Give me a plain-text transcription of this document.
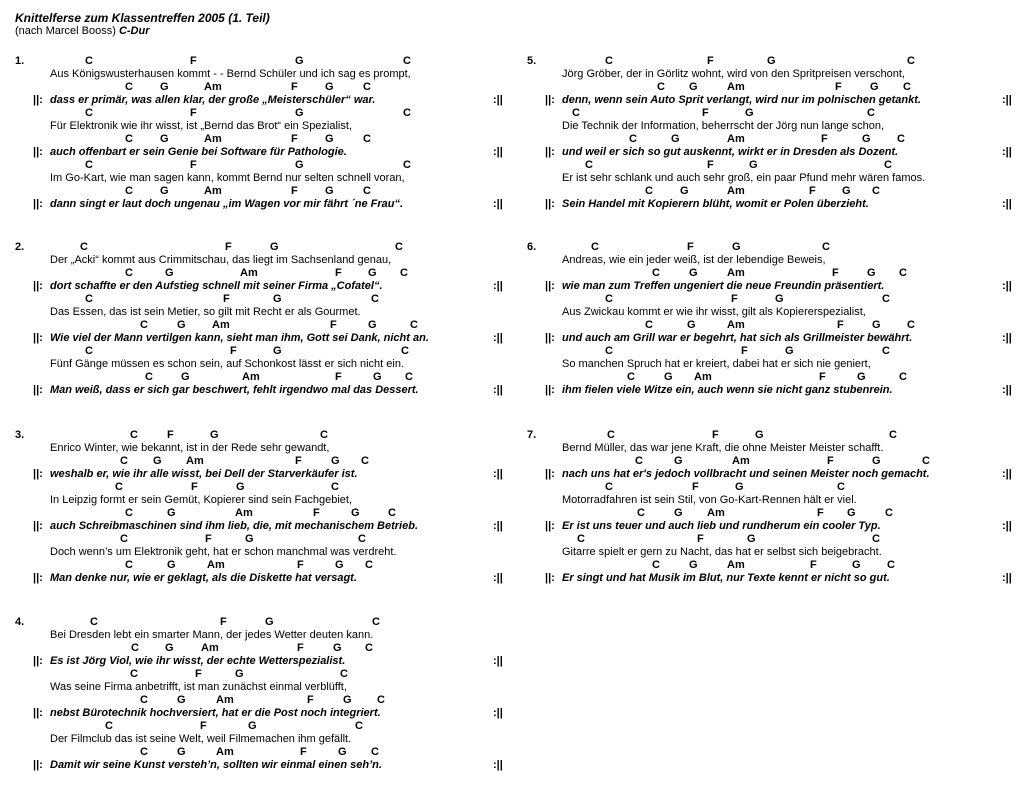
Knittelferse zum Klassentreffen 2005 (1. Teil)
(nach Marcel Booss) C-Dur
1.	C	F	G	C
Aus Königswusterhausen kommt - - Bernd Schüler und ich sag es prompt,
C G	Am	F G	C
||: dass er primär, was allen klar, der große „Meisterschüler“ war.	:||
C	F	G	C
Für Elektronik wie ihr wisst, ist „Bernd das Brot“ ein Spezialist,
C G	Am	F G	C
||: auch offenbart er sein Genie bei Software für Pathologie.	:||
C	F	G	C
Im Go-Kart, wie man sagen kann, kommt Bernd nur selten schnell voran,
C G	Am	F G	C
||: dann singt er laut doch ungenau „im Wagen vor mir fährt ´ne Frau“.	:||
2.	C	F	G	C
Der „Acki“ kommt aus Crimmitschau, das liegt im Sachsenland genau,
C	G	Am	F G C
||: dort schaffte er den Aufstieg schnell mit seiner Firma „Cofatel“.	:||
C	F	G	C
Das Essen, das ist sein Metier, so gilt mit Recht er als Gourmet.
C	G Am	F	G	C
||: Wie viel der Mann vertilgen kann, sieht man ihm, Gott sei Dank, nicht an.	:||
C	F	G	C
Fünf Gänge müssen es schon sein, auf Schonkost lässt er sich nicht ein.
C	G	Am	F	G C
||: Man weiß, dass er sich gar beschwert, fehlt irgendwo mal das Dessert.	:||
3.	C	F	G	C
Enrico Winter, wie bekannt, ist in der Rede sehr gewandt,
C G Am	F	G C
||: weshalb er, wie ihr alle wisst, bei Dell der Starverkäufer ist.	:||
C	F	G	C
In Leipzig formt er sein Gemüt, Kopierer sind sein Fachgebiet,
C	G	Am	F	G	C
||: auch Schreibmaschinen sind ihm lieb, die, mit mechanischem Betrieb.	:||
C	F	G	C
Doch wenn’s um Elektronik geht, hat er schon manchmal was verdreht.
C	G	Am	F	G C
||: Man denke nur, wie er geklagt, als die Diskette hat versagt.	:||
4.	C	F	G	C
Bei Dresden lebt ein smarter Mann, der jedes Wetter deuten kann.
C G Am	F	G C
||: Es ist Jörg Viol, wie ihr wisst, der echte Wetterspezialist.	:||
C	F	G	C
Was seine Firma anbetrifft, ist man zunächst einmal verblüfft,
C	G	Am	F	G C
||: nebst Bürotechnik hochversiert, hat er die Post noch integriert.	:||
C	F	G	C
Der Filmclub das ist seine Welt, weil Filmemachen ihm gefällt.
C	G	Am	F	G C
||: Damit wir seine Kunst versteh’n, sollten wir einmal einen seh’n.	:||
5.	C	F	G	C
Jörg Gröber, der in Görlitz wohnt, wird von den Spritpreisen verschont,
C G	Am	F	G C
||: denn, wenn sein Auto Sprit verlangt, wird nur im polnischen getankt.	:||
C	F	G	C
Die Technik der Information, beherrscht der Jörg nun lange schon,
C	G	Am	F	G C
||: und weil er sich so gut auskennt, wirkt er in Dresden als Dozent.	:||
C	F	G	C
Er ist sehr schlank und auch sehr groß, ein paar Pfund mehr wären famos.
C G	Am	F G C
||: Sein Handel mit Kopierern blüht, womit er Polen überzieht.	:||
6.	C	F	G	C
Andreas, wie ein jeder weiß, ist der lebendige Beweis,
C	G	Am	F	G C
||: wie man zum Treffen ungeniert die neue Freundin präsentiert.	:||
C	F	G	C
Aus Zwickau kommt er wie ihr wisst, gilt als Kopiererspezialist,
C	G	Am	F	G C
||: und auch am Grill war er begehrt, hat sich als Grillmeister bewährt.	:||
C	F	G	C
So manchen Spruch hat er kreiert, dabei hat er sich nie geniert,
C	G Am	F	G	C
||: ihm fielen viele Witze ein, auch wenn sie nicht ganz stubenrein.	:||
7.	C	F	G	C
Bernd Müller, das war jene Kraft, die ohne Meister Meister schafft.
C	G	Am	F	G	C
||: nach uns hat er's jedoch vollbracht und seinen Meister noch gemacht.	:||
C	F	G	C
Motorradfahren ist sein Stil, von Go-Kart-Rennen hält er viel.
C	G Am	F G	C
||: Er ist uns teuer und auch lieb und rundherum ein cooler Typ.	:||
C	F	G	C
Gitarre spielt er gern zu Nacht, das hat er selbst sich beigebracht.
C	G	Am	F	G C
||: Er singt und hat Musik im Blut, nur Texte kennt er nicht so gut.	:||
